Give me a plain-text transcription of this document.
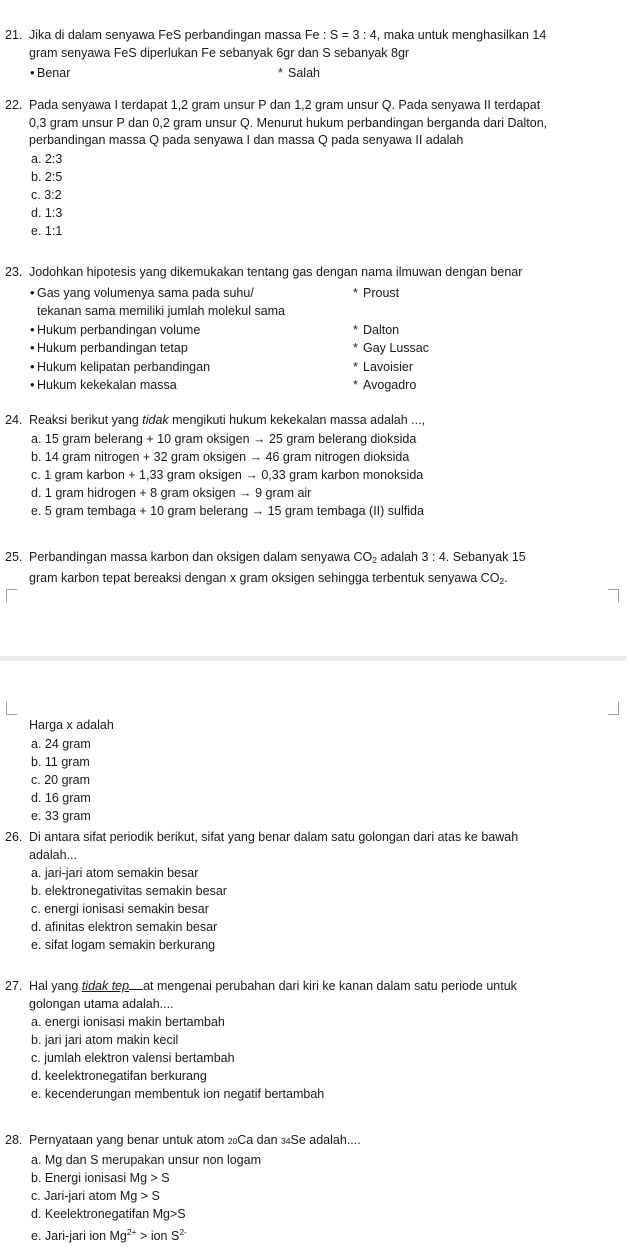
21. Jika di dalam senyawa FeS perbandingan massa Fe : S = 3 : 4, maka untuk menghasilkan 14
gram senyawa FeS diperlukan Fe sebanyak 6gr dan S sebanyak 8gr
• Benar	* Salah
22. Pada senyawa I terdapat 1,2 gram unsur P dan 1,2 gram unsur Q. Pada senyawa II terdapat
0,3 gram unsur P dan 0,2 gram unsur Q. Menurut hukum perbandingan berganda dari Dalton,
perbandingan massa Q pada senyawa I dan massa Q pada senyawa II adalah
a. 2:3
b. 2:5
c. 3:2
d. 1:3
e. 1:1
23. Jodohkan hipotesis yang dikemukakan tentang gas dengan nama ilmuwan dengan benar
• Gas yang volumenya sama pada suhu/	* Proust
tekanan sama memiliki jumlah molekul sama
• Hukum perbandingan volume	* Dalton
• Hukum perbandingan tetap	* Gay Lussac
• Hukum kelipatan perbandingan	* Lavoisier
• Hukum kekekalan massa	* Avogadro
24. Reaksi berikut yang tidak mengikuti hukum kekekalan massa adalah ...,
a. 15 gram belerang + 10 gram oksigen → 25 gram belerang dioksida
b. 14 gram nitrogen + 32 gram oksigen → 46 gram nitrogen dioksida
c. 1 gram karbon + 1,33 gram oksigen → 0,33 gram karbon monoksida
d. 1 gram hidrogen + 8 gram oksigen → 9 gram air
e. 5 gram tembaga + 10 gram belerang → 15 gram tembaga (II) sulfida
25. Perbandingan massa karbon dan oksigen dalam senyawa $CO_2$ adalah 3 : 4. Sebanyak 15
gram karbon tepat bereaksi dengan x gram oksigen sehingga terbentuk senyawa $CO_2$.
Harga x adalah
a. 24 gram
b. 11 gram
c. 20 gram
d. 16 gram
e. 33 gram
26. Di antara sifat periodik berikut, sifat yang benar dalam satu golongan dari atas ke bawah
adalah...
a. jari-jari atom semakin besar
b. elektronegativitas semakin besar
c. energi ionisasi semakin besar
d. afinitas elektron semakin besar
e. sifat logam semakin berkurang
27. Hal yang tidak tep at mengenai perubahan dari kiri ke kanan dalam satu periode untuk
golongan utama adalah....
a. energi ionisasi makin bertambah
b. jari jari atom makin kecil
c. jumlah elektron valensi bertambah
d. keelektronegatifan berkurang
e. kecenderungan membentuk ion negatif bertambah
28. Pernyataan yang benar untuk atom 20Ca dan 34Se adalah....
a. Mg dan S merupakan unsur non logam
b. Energi ionisasi Mg > S
c. Jari-jari atom Mg > S
d. Keelektronegatifan Mg>S
e. Jari-jari ion $Mg^{2+}$ > ion $S^{2-}$
